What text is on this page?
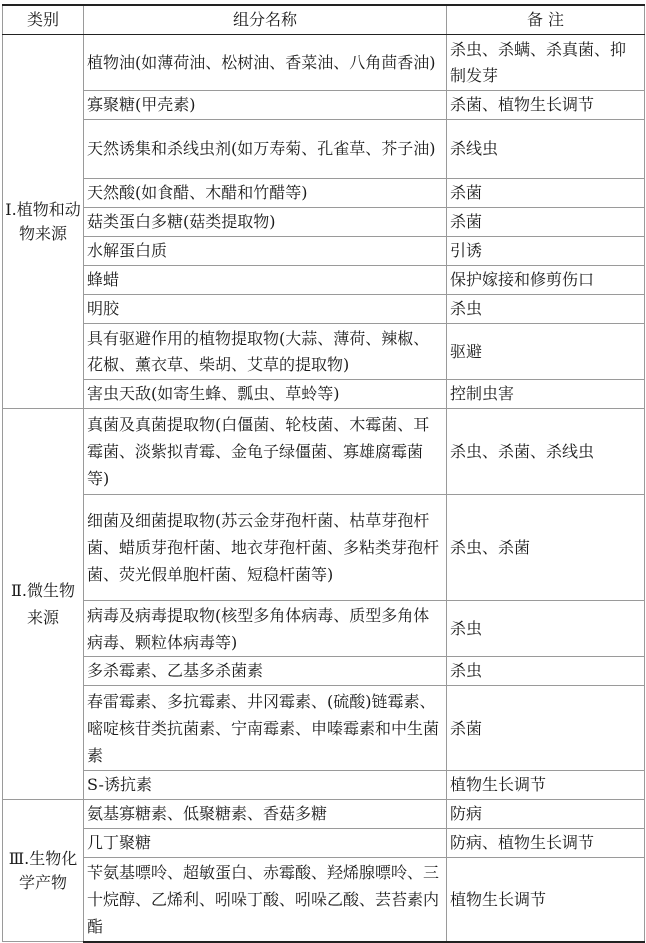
类别	组分名称	备 注
I.植物和动物来源	植物油(如薄荷油、松树油、香菜油、八角茴香油)	杀虫、杀螨、杀真菌、抑制发芽
	寡聚糖(甲壳素)	杀菌、植物生长调节
	天然诱集和杀线虫剂(如万寿菊、孔雀草、芥子油)	杀线虫
	天然酸(如食醋、木醋和竹醋等)	杀菌
	菇类蛋白多糖(菇类提取物)	杀菌
	水解蛋白质	引诱
	蜂蜡	保护嫁接和修剪伤口
	明胶	杀虫
	具有驱避作用的植物提取物(大蒜、薄荷、辣椒、花椒、薰衣草、柴胡、艾草的提取物)	驱避
	害虫天敌(如寄生蜂、瓢虫、草蛉等)	控制虫害
Ⅱ.微生物来源	真菌及真菌提取物(白僵菌、轮枝菌、木霉菌、耳霉菌、淡紫拟青霉、金龟子绿僵菌、寡雄腐霉菌等)	杀虫、杀菌、杀线虫
	细菌及细菌提取物(苏云金芽孢杆菌、枯草芽孢杆菌、蜡质芽孢杆菌、地衣芽孢杆菌、多粘类芽孢杆菌、荧光假单胞杆菌、短稳杆菌等)	杀虫、杀菌
	病毒及病毒提取物(核型多角体病毒、质型多角体病毒、颗粒体病毒等)	杀虫
	多杀霉素、乙基多杀菌素	杀虫
	春雷霉素、多抗霉素、井冈霉素、(硫酸)链霉素、嘧啶核苷类抗菌素、宁南霉素、申嗪霉素和中生菌素	杀菌
	S-诱抗素	植物生长调节
Ⅲ.生物化学产物	氨基寡糖素、低聚糖素、香菇多糖	防病
	几丁聚糖	防病、植物生长调节
	苄氨基嘌呤、超敏蛋白、赤霉酸、羟烯腺嘌呤、三十烷醇、乙烯利、吲哚丁酸、吲哚乙酸、芸苔素内酯	植物生长调节
